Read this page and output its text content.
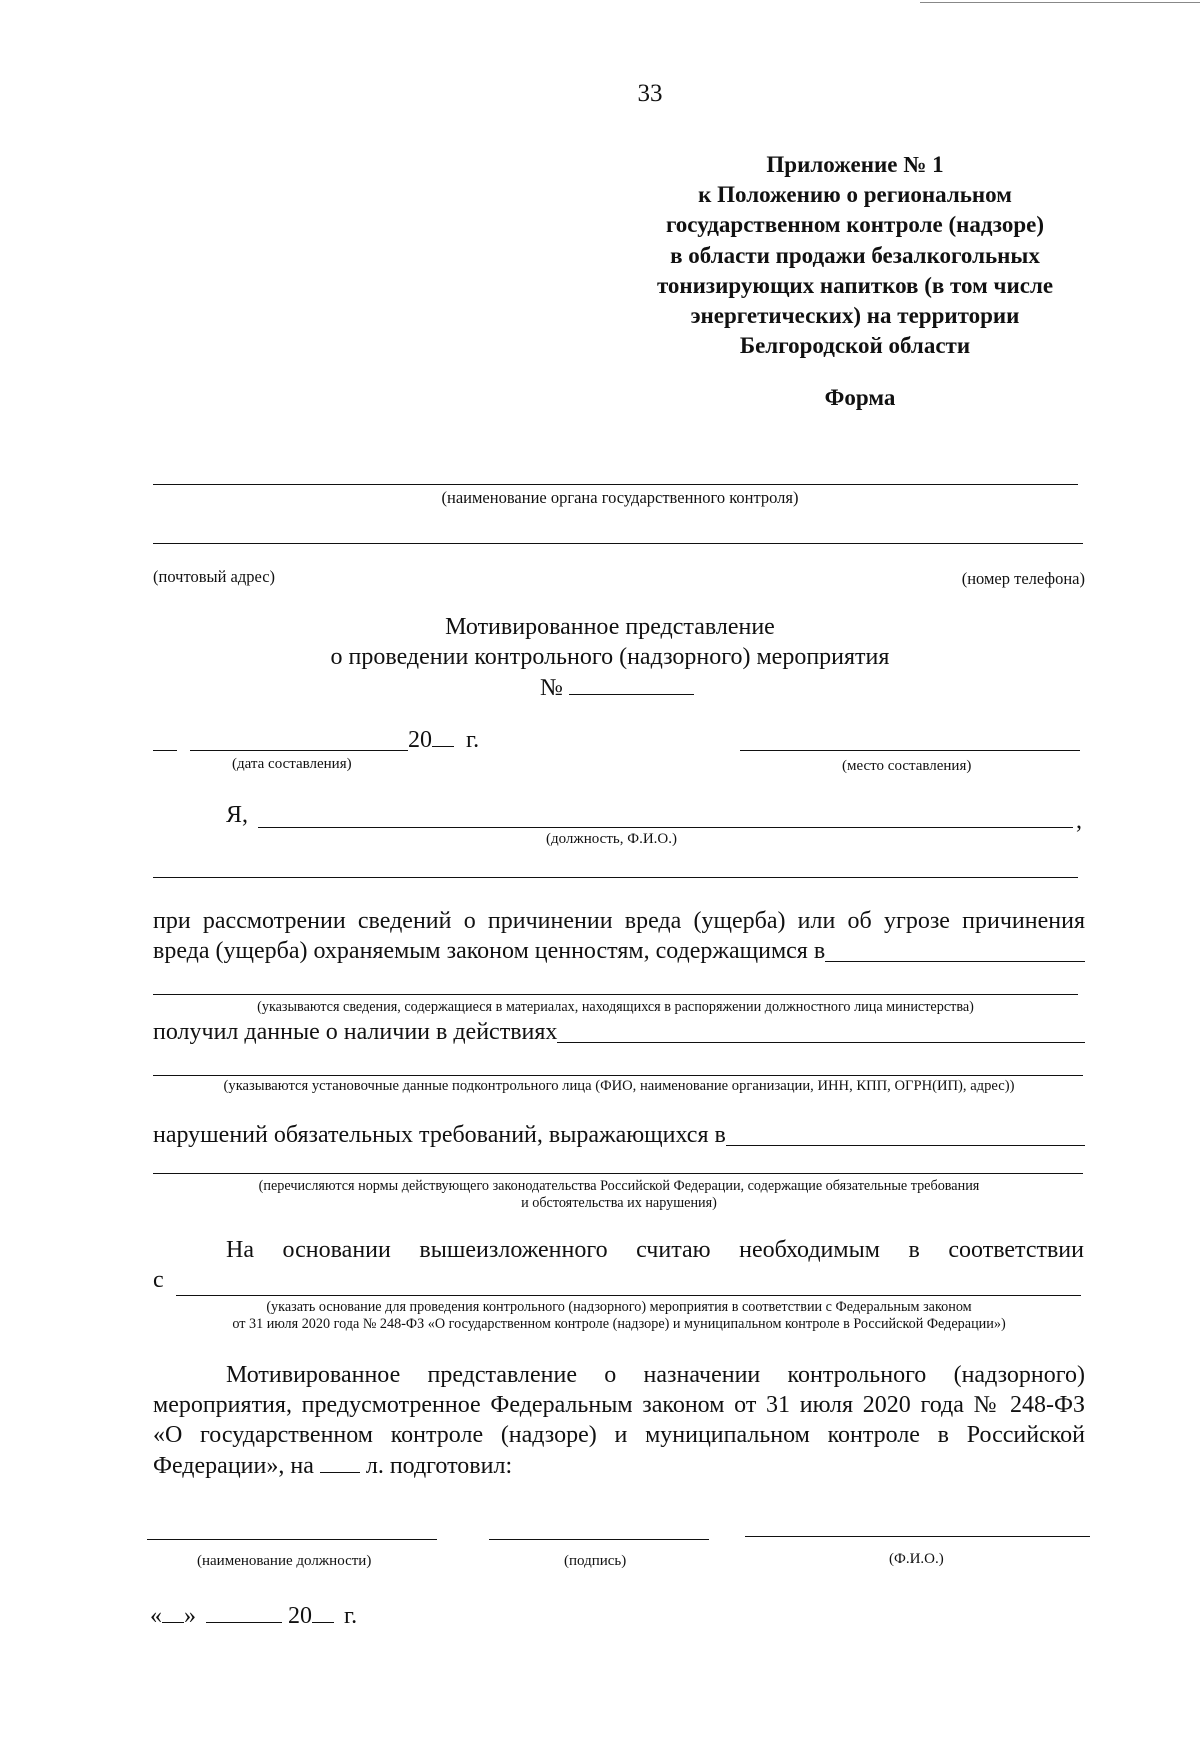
33
Приложение № 1
к Положению о региональном
государственном контроле (надзоре)
в области продажи безалкогольных
тонизирующих напитков (в том числе
энергетических) на территории
Белгородской области
Форма
(наименование органа государственного контроля)
(почтовый адрес)	(номер телефона)
Мотивированное представление
о проведении контрольного (надзорного) мероприятия
№
20 г.
(дата составления)	(место составления)
Я,	,
(должность, Ф.И.О.)
при рассмотрении сведений о причинении вреда (ущерба) или об угрозе причинения
вреда (ущерба) охраняемым законом ценностям, содержащимся в
(указываются сведения, содержащиеся в материалах, находящихся в распоряжении должностного лица министерства)
получил данные о наличии в действиях
(указываются установочные данные подконтрольного лица (ФИО, наименование организации, ИНН, КПП, ОГРН(ИП), адрес))
нарушений обязательных требований, выражающихся в
(перечисляются нормы действующего законодательства Российской Федерации, содержащие обязательные требования
и обстоятельства их нарушения)
На основании вышеизложенного считаю необходимым в соответствии
с
(указать основание для проведения контрольного (надзорного) мероприятия в соответствии с Федеральным законом
от 31 июля 2020 года № 248-ФЗ «О государственном контроле (надзоре) и муниципальном контроле в Российской Федерации»)
Мотивированное представление о назначении контрольного (надзорного)
мероприятия, предусмотренное Федеральным законом от 31 июля 2020 года № 248-ФЗ
«О государственном контроле (надзоре) и муниципальном контроле в Российской
Федерации», на л. подготовил:
(наименование должности)	(подпись)	(Ф.И.О.)
« »	20 г.
